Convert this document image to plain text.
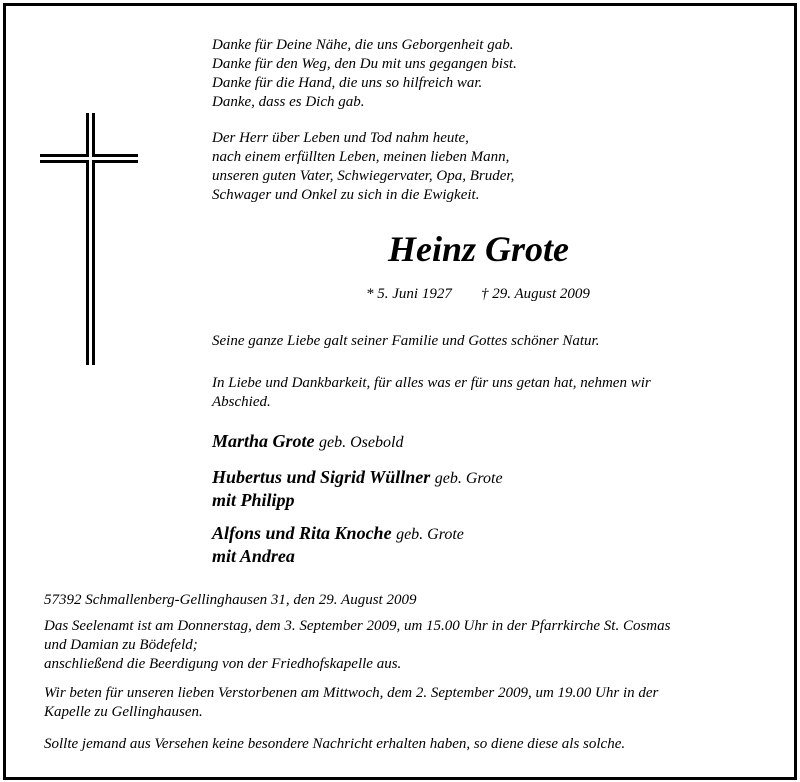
Danke für Deine Nähe, die uns Geborgenheit gab.
Danke für den Weg, den Du mit uns gegangen bist.
Danke für die Hand, die uns so hilfreich war.
Danke, dass es Dich gab.
Der Herr über Leben und Tod nahm heute,
nach einem erfüllten Leben, meinen lieben Mann,
unseren guten Vater, Schwiegervater, Opa, Bruder,
Schwager und Onkel zu sich in die Ewigkeit.
Heinz Grote
* 5. Juni 1927 † 29. August 2009
Seine ganze Liebe galt seiner Familie und Gottes schöner Natur.
In Liebe und Dankbarkeit, für alles was er für uns getan hat, nehmen wir
Abschied.
Martha Grote geb. Osebold
Hubertus und Sigrid Wüllner geb. Grote
mit Philipp
Alfons und Rita Knoche geb. Grote
mit Andrea
57392 Schmallenberg-Gellinghausen 31, den 29. August 2009
Das Seelenamt ist am Donnerstag, dem 3. September 2009, um 15.00 Uhr in der Pfarrkirche St. Cosmas
und Damian zu Bödefeld;
anschließend die Beerdigung von der Friedhofskapelle aus.
Wir beten für unseren lieben Verstorbenen am Mittwoch, dem 2. September 2009, um 19.00 Uhr in der
Kapelle zu Gellinghausen.
Sollte jemand aus Versehen keine besondere Nachricht erhalten haben, so diene diese als solche.
